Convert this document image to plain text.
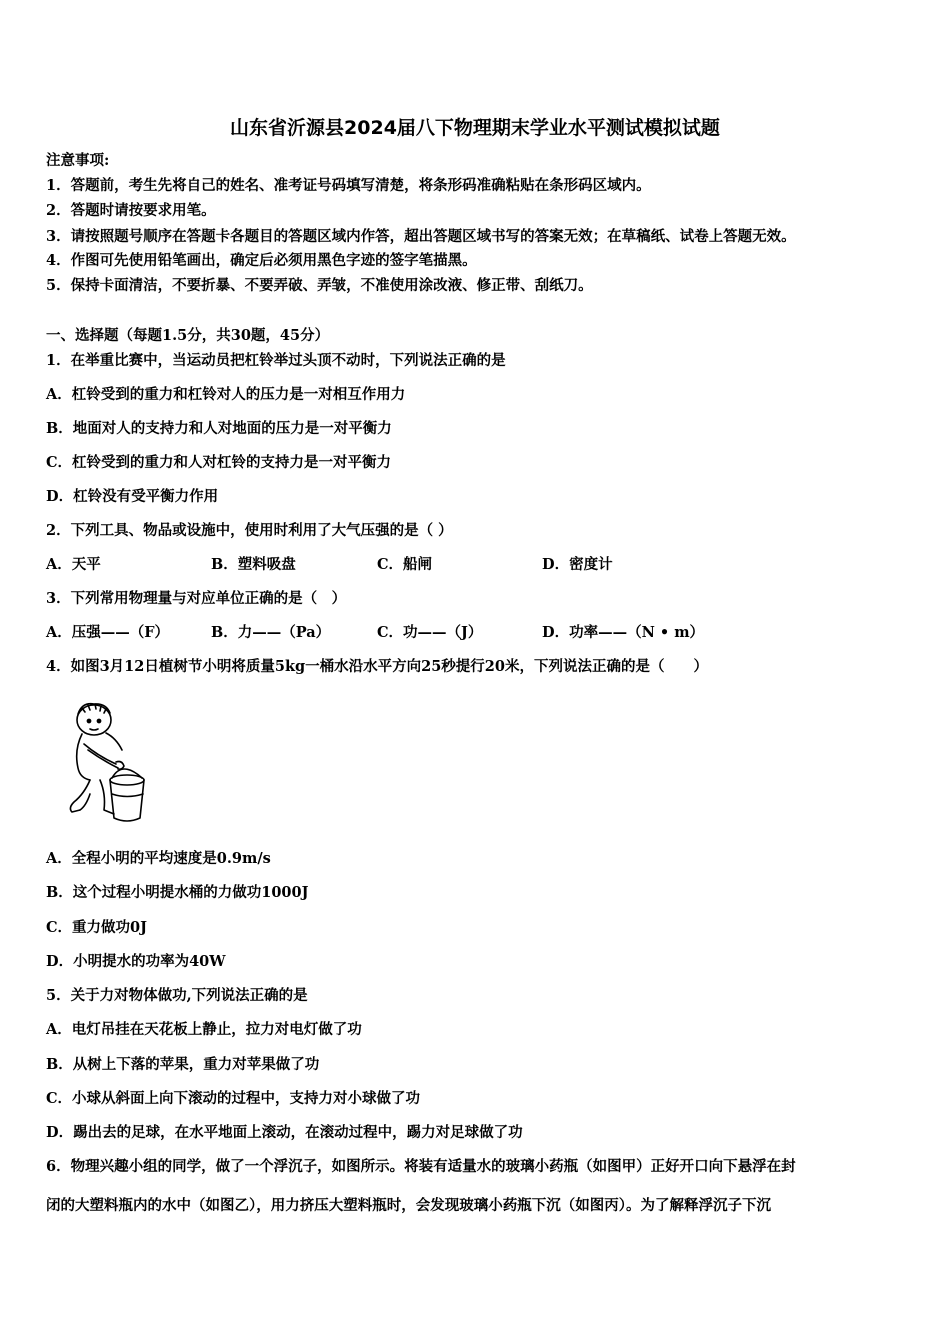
山东省沂源县2024届八下物理期末学业水平测试模拟试题
注意事项:
1．答题前，考生先将自己的姓名、准考证号码填写清楚，将条形码准确粘贴在条形码区域内。
2．答题时请按要求用笔。
3．请按照题号顺序在答题卡各题目的答题区域内作答，超出答题区域书写的答案无效；在草稿纸、试卷上答题无效。
4．作图可先使用铅笔画出，确定后必须用黑色字迹的签字笔描黑。
5．保持卡面清洁，不要折暴、不要弄破、弄皱，不准使用涂改液、修正带、刮纸刀。
一、选择题（每题1.5分，共30题，45分）
1．在举重比赛中，当运动员把杠铃举过头顶不动时，下列说法正确的是
A．杠铃受到的重力和杠铃对人的压力是一对相互作用力
B．地面对人的支持力和人对地面的压力是一对平衡力
C．杠铃受到的重力和人对杠铃的支持力是一对平衡力
D．杠铃没有受平衡力作用
2．下列工具、物品或设施中，使用时利用了大气压强的是（ ）
A．天平	B．塑料吸盘	C．船闸	D．密度计
3．下列常用物理量与对应单位正确的是（　）
A．压强——（F）	B．力——（Pa）	C．功——（J）	D．功率——（N • m）
4．如图3月12日植树节小明将质量5kg一桶水沿水平方向25秒提行20米，下列说法正确的是（　　）
A．全程小明的平均速度是0.9m/s
B．这个过程小明提水桶的力做功1000J
C．重力做功0J
D．小明提水的功率为40W
5．关于力对物体做功,下列说法正确的是
A．电灯吊挂在天花板上静止，拉力对电灯做了功
B．从树上下落的苹果，重力对苹果做了功
C．小球从斜面上向下滚动的过程中，支持力对小球做了功
D．踢出去的足球，在水平地面上滚动，在滚动过程中，踢力对足球做了功
6．物理兴趣小组的同学，做了一个浮沉子，如图所示。将装有适量水的玻璃小药瓶（如图甲）正好开口向下悬浮在封
闭的大塑料瓶内的水中（如图乙），用力挤压大塑料瓶时，会发现玻璃小药瓶下沉（如图丙）。为了解释浮沉子下沉
